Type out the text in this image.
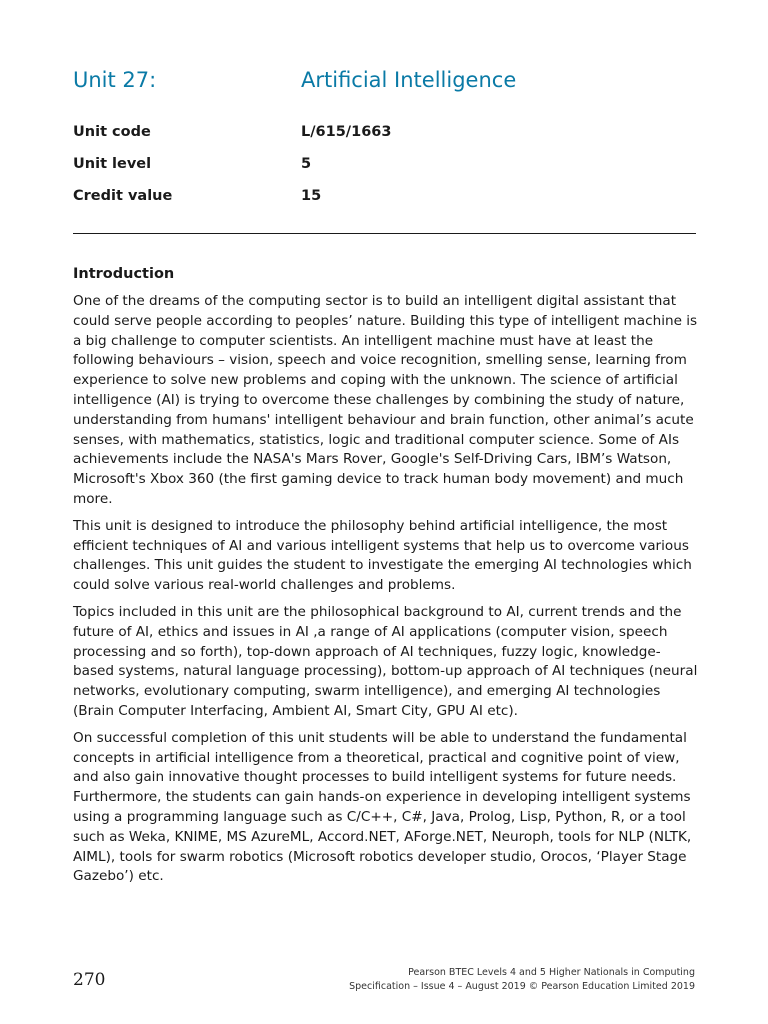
Unit 27:	Artificial Intelligence
Unit code	L/615/1663
Unit level	5
Credit value	15
Introduction

One of the dreams of the computing sector is to build an intelligent digital assistant that could serve people according to peoples’ nature. Building this type of intelligent machine is a big challenge to computer scientists. An intelligent machine must have at least the following behaviours – vision, speech and voice recognition, smelling sense, learning from experience to solve new problems and coping with the unknown. The science of artificial intelligence (AI) is trying to overcome these challenges by combining the study of nature, understanding from humans' intelligent behaviour and brain function, other animal’s acute senses, with mathematics, statistics, logic and traditional computer science. Some of AIs achievements include the NASA's Mars Rover, Google's Self-Driving Cars, IBM’s Watson, Microsoft's Xbox 360 (the first gaming device to track human body movement) and much more.

This unit is designed to introduce the philosophy behind artificial intelligence, the most efficient techniques of AI and various intelligent systems that help us to overcome various challenges. This unit guides the student to investigate the emerging AI technologies which could solve various real-world challenges and problems.

Topics included in this unit are the philosophical background to AI, current trends and the future of AI, ethics and issues in AI ,a range of AI applications (computer vision, speech processing and so forth), top-down approach of AI techniques, fuzzy logic, knowledge-based systems, natural language processing), bottom-up approach of AI techniques (neural networks, evolutionary computing, swarm intelligence), and emerging AI technologies (Brain Computer Interfacing, Ambient AI, Smart City, GPU AI etc).

On successful completion of this unit students will be able to understand the fundamental concepts in artificial intelligence from a theoretical, practical and cognitive point of view, and also gain innovative thought processes to build intelligent systems for future needs. Furthermore, the students can gain hands-on experience in developing intelligent systems using a programming language such as C/C++, C#, Java, Prolog, Lisp, Python, R, or a tool such as Weka, KNIME, MS AzureML, Accord.NET, AForge.NET, Neuroph, tools for NLP (NLTK, AIML), tools for swarm robotics (Microsoft robotics developer studio, Orocos, ‘Player Stage Gazebo’) etc.

270	Pearson BTEC Levels 4 and 5 Higher Nationals in Computing
Specification – Issue 4 – August 2019 © Pearson Education Limited 2019
